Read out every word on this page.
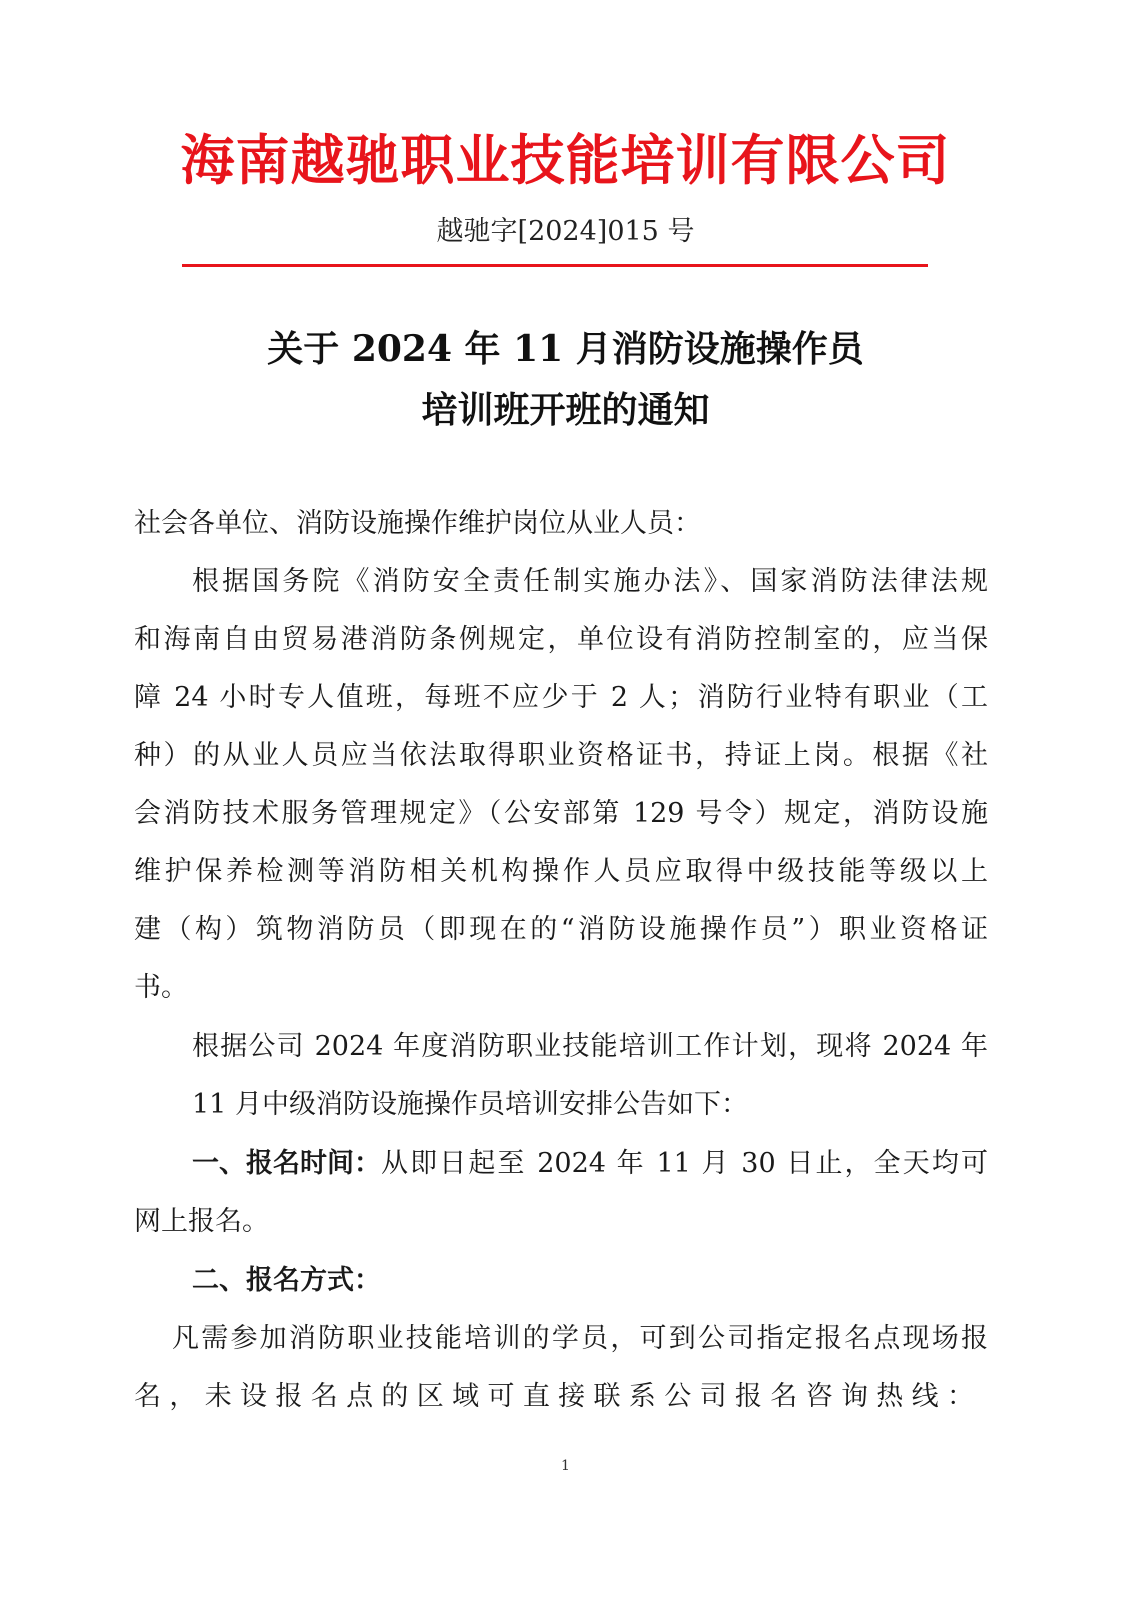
海南越驰职业技能培训有限公司
越驰字[2024]015 号
关于 2024 年 11 月消防设施操作员
培训班开班的通知
社会各单位、消防设施操作维护岗位从业人员：
根据国务院《消防安全责任制实施办法》、国家消防法律法规
和海南自由贸易港消防条例规定，单位设有消防控制室的，应当保
障 24 小时专人值班，每班不应少于 2 人；消防行业特有职业（工
种）的从业人员应当依法取得职业资格证书，持证上岗。根据《社
会消防技术服务管理规定》（公安部第 129 号令）规定，消防设施
维护保养检测等消防相关机构操作人员应取得中级技能等级以上
建（构）筑物消防员（即现在的“消防设施操作员”）职业资格证
书。
根据公司 2024 年度消防职业技能培训工作计划，现将 2024 年
11 月中级消防设施操作员培训安排公告如下：
一、报名时间： 从即日起至 2024 年 11 月 30 日止，全天均可
网上报名。
二、报名方式：
凡需参加消防职业技能培训的学员，可到公司指定报名点现场报
名，未设报名点的区域可直接联系公司报名咨询热线：
1
